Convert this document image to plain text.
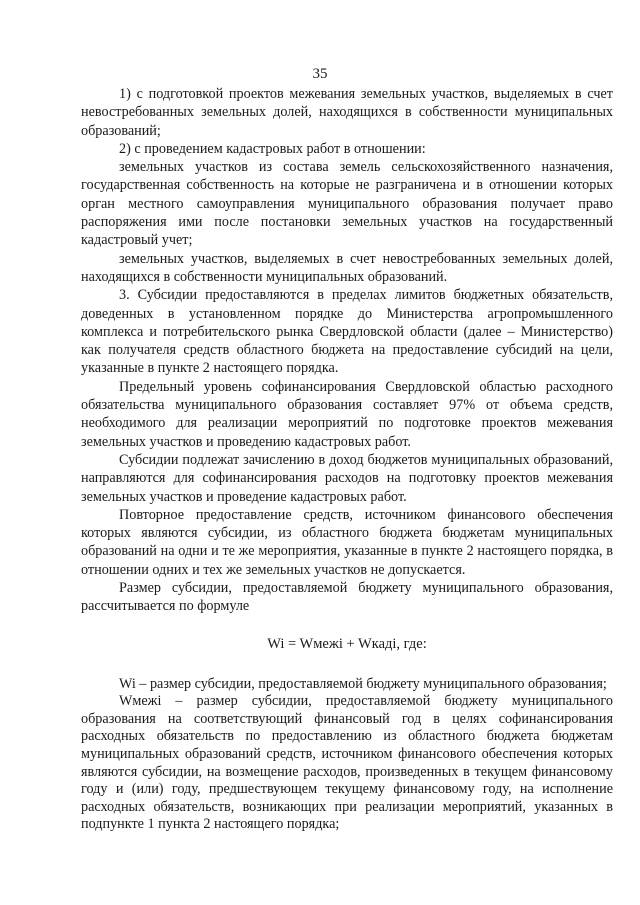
35

1) с подготовкой проектов межевания земельных участков, выделяемых в счет невостребованных земельных долей, находящихся в собственности муниципальных образований;

2) с проведением кадастровых работ в отношении:

земельных участков из состава земель сельскохозяйственного назначения, государственная собственность на которые не разграничена и в отношении которых орган местного самоуправления муниципального образования получает право распоряжения ими после постановки земельных участков на государственный кадастровый учет;

земельных участков, выделяемых в счет невостребованных земельных долей, находящихся в собственности муниципальных образований.

3. Субсидии предоставляются в пределах лимитов бюджетных обязательств, доведенных в установленном порядке до Министерства агропромышленного комплекса и потребительского рынка Свердловской области (далее – Министерство) как получателя средств областного бюджета на предоставление субсидий на цели, указанные в пункте 2 настоящего порядка.

Предельный уровень софинансирования Свердловской областью расходного обязательства муниципального образования составляет 97% от объема средств, необходимого для реализации мероприятий по подготовке проектов межевания земельных участков и проведению кадастровых работ.

Субсидии подлежат зачислению в доход бюджетов муниципальных образований, направляются для софинансирования расходов на подготовку проектов межевания земельных участков и проведение кадастровых работ.

Повторное предоставление средств, источником финансового обеспечения которых являются субсидии, из областного бюджета бюджетам муниципальных образований на одни и те же мероприятия, указанные в пункте 2 настоящего порядка, в отношении одних и тех же земельных участков не допускается.

Размер субсидии, предоставляемой бюджету муниципального образования, рассчитывается по формуле

Wi = Wмежi + Wкадi, где:

Wi – размер субсидии, предоставляемой бюджету муниципального образования;

Wмежi – размер субсидии, предоставляемой бюджету муниципального образования на соответствующий финансовый год в целях софинансирования расходных обязательств по предоставлению из областного бюджета бюджетам муниципальных образований средств, источником финансового обеспечения которых являются субсидии, на возмещение расходов, произведенных в текущем финансовому году и (или) году, предшествующем текущему финансовому году, на исполнение расходных обязательств, возникающих при реализации мероприятий, указанных в подпункте 1 пункта 2 настоящего порядка;
